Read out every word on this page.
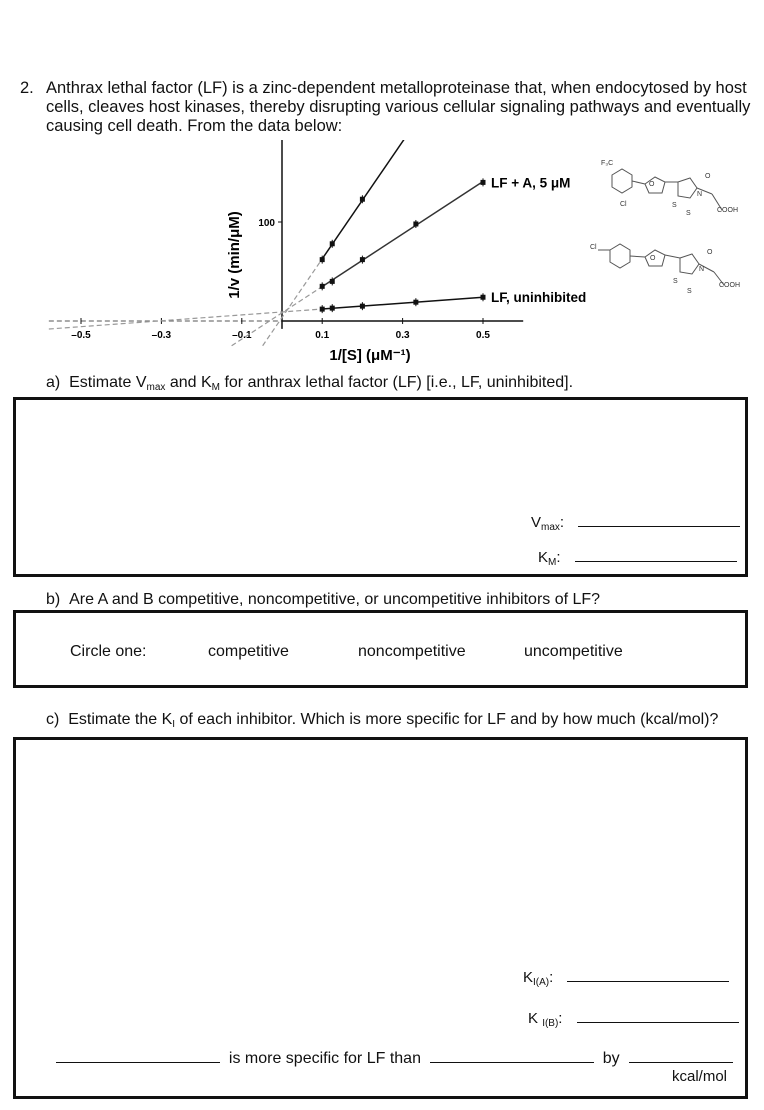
2. Anthrax lethal factor (LF) is a zinc-dependent metalloproteinase that, when endocytosed by host cells, cleaves host kinases, thereby disrupting various cellular signaling pathways and eventually causing cell death. From the data below:
–0.5	–0.3	–0.1	0.1	0.3	0.5
100
LF + A, 5 μM
LF, uninhibited
1/v (min/μM)
1/[S] (μM⁻¹)
F₃C
Cl
O
O
N
S
S	COOH
Cl
O
O
N
S
S
COOH
a) Estimate $V_{max}$ and $K_M$ for anthrax lethal factor (LF) [i.e., LF, uninhibited].
$V_{max}$:
$K_M$:
b) Are A and B competitive, noncompetitive, or uncompetitive inhibitors of LF?
Circle one:	competitive	noncompetitive	uncompetitive
c) Estimate the $K_I$ of each inhibitor. Which is more specific for LF and by how much (kcal/mol)?
$K_{I(A)}$:
K $_{I(B)}$:
is more specific for LF than	by
kcal/mol
